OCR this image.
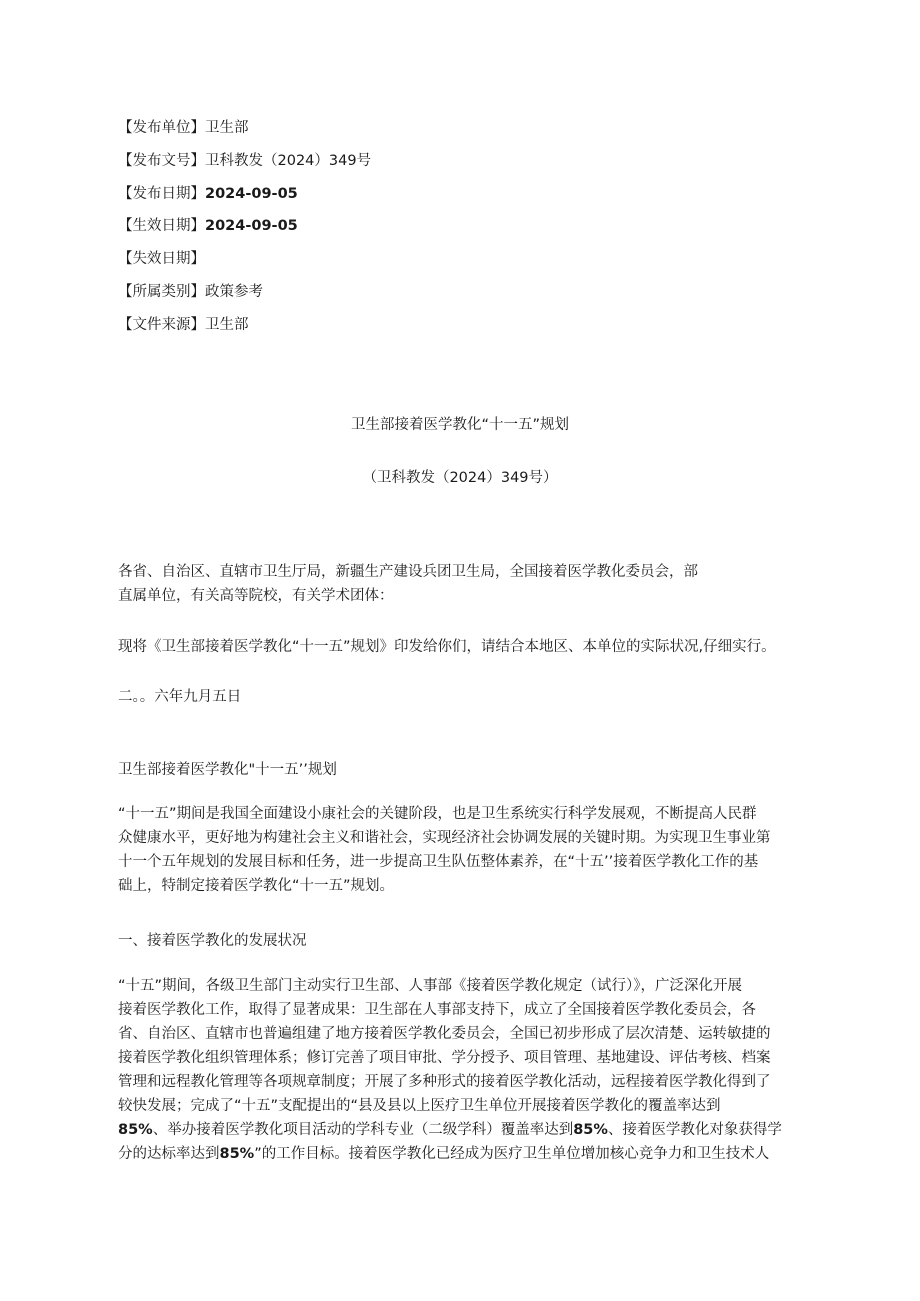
【发布单位】卫生部
【发布文号】卫科教发（2024）349号
【发布日期】2024-09-05
【生效日期】2024-09-05
【失效日期】
【所属类别】政策参考
【文件来源】卫生部
卫生部接着医学教化“十一五”规划
（卫科教发（2024）349号）
各省、自治区、直辖市卫生厅局，新疆生产建设兵团卫生局，全国接着医学教化委员会，部
直属单位，有关高等院校，有关学术团体：
现将《卫生部接着医学教化“十一五”规划》印发给你们，请结合本地区、本单位的实际状况,仔细实行。
二。。六年九月五日
卫生部接着医学教化"十一五’’规划
“十一五”期间是我国全面建设小康社会的关键阶段，也是卫生系统实行科学发展观，不断提高人民群
众健康水平，更好地为构建社会主义和谐社会，实现经济社会协调发展的关键时期。为实现卫生事业第
十一个五年规划的发展目标和任务，进一步提高卫生队伍整体素养，在“十五’’接着医学教化工作的基
础上，特制定接着医学教化“十一五”规划。
一、接着医学教化的发展状况
“十五”期间，各级卫生部门主动实行卫生部、人事部《接着医学教化规定（试行）》，广泛深化开展
接着医学教化工作，取得了显著成果：卫生部在人事部支持下，成立了全国接着医学教化委员会，各
省、自治区、直辖市也普遍组建了地方接着医学教化委员会，全国已初步形成了层次清楚、运转敏捷的
接着医学教化组织管理体系；修订完善了项目审批、学分授予、项目管理、基地建设、评估考核、档案
管理和远程教化管理等各项规章制度；开展了多种形式的接着医学教化活动，远程接着医学教化得到了
较快发展；完成了“十五”支配提出的“县及县以上医疗卫生单位开展接着医学教化的覆盖率达到
85%、举办接着医学教化项目活动的学科专业（二级学科）覆盖率达到85%、接着医学教化对象获得学
分的达标率达到85%”的工作目标。接着医学教化已经成为医疗卫生单位增加核心竞争力和卫生技术人
